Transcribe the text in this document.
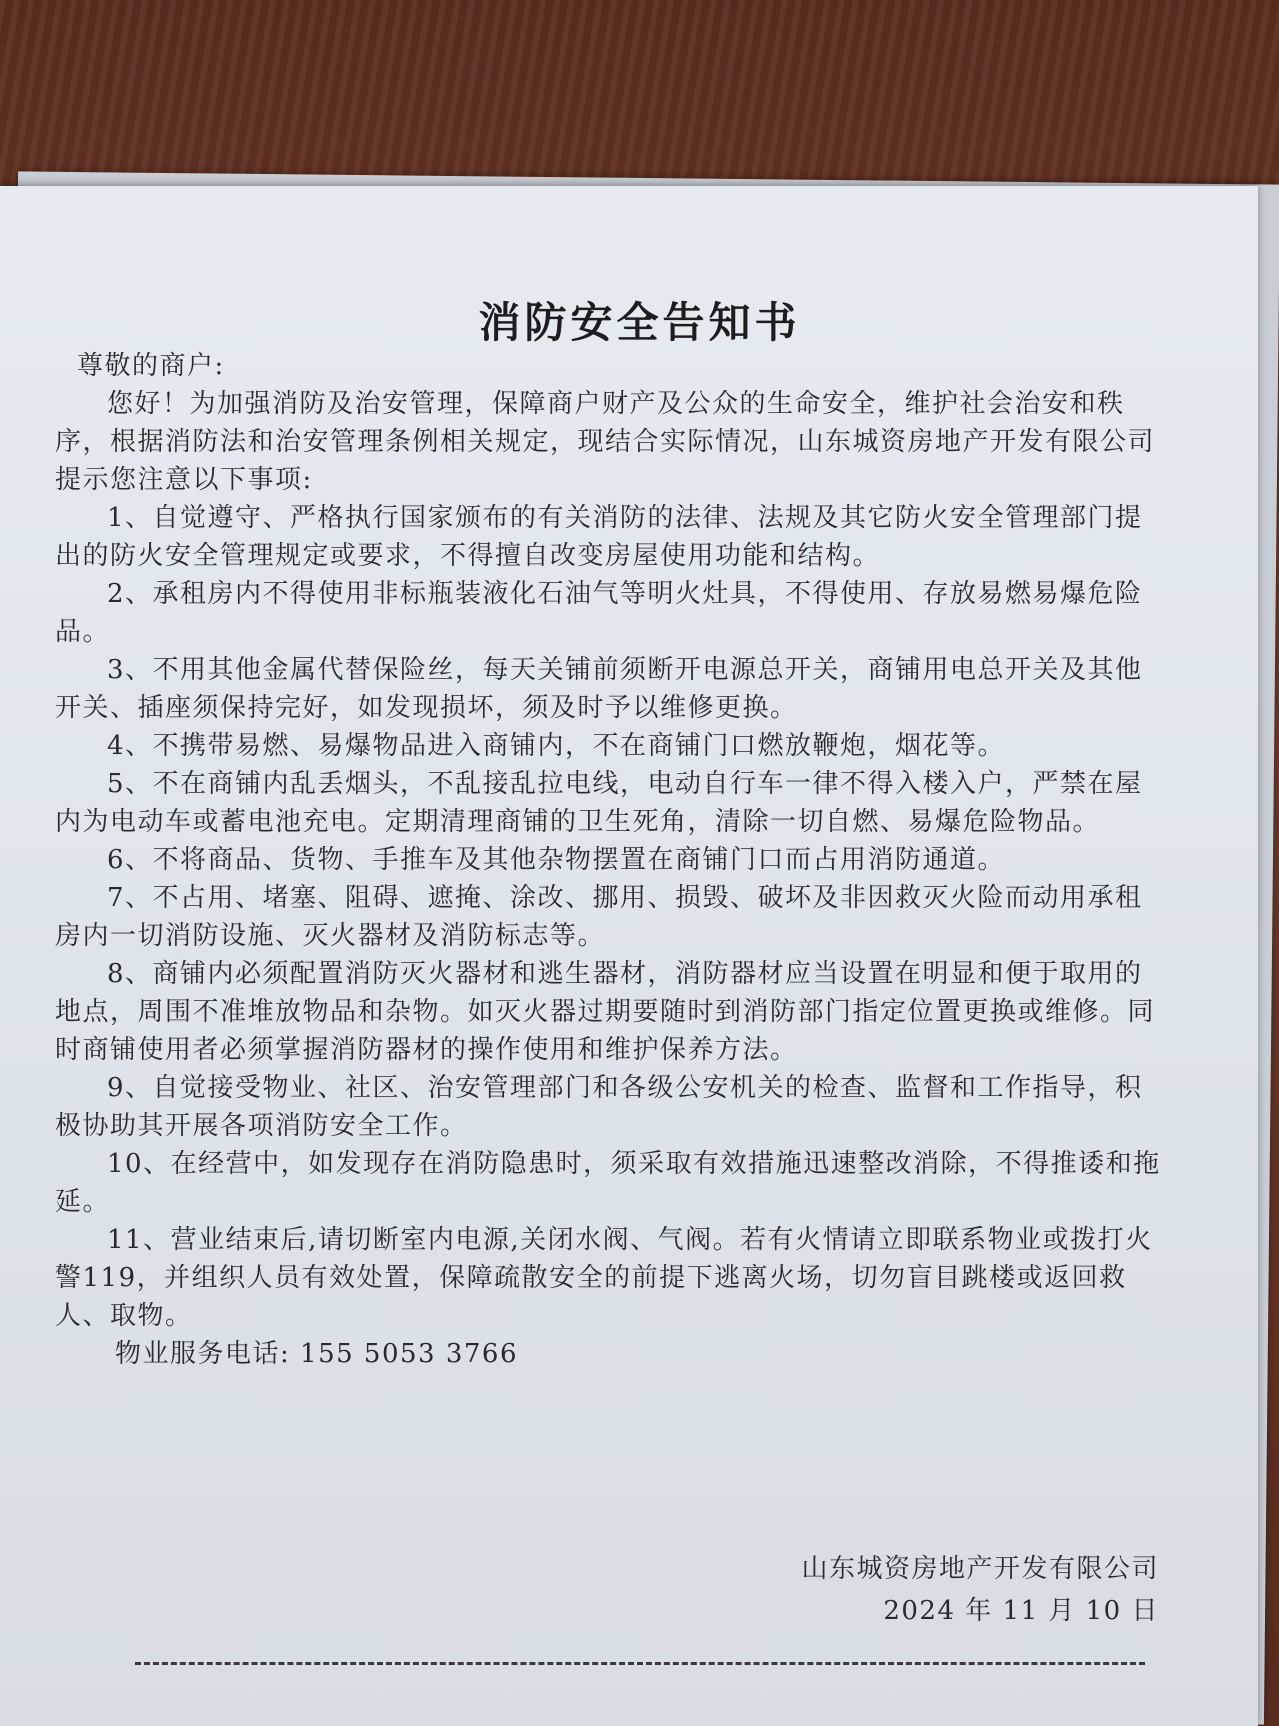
消防安全告知书

尊敬的商户:

您好！为加强消防及治安管理，保障商户财产及公众的生命安全，维护社会治安和秩序，根据消防法和治安管理条例相关规定，现结合实际情况，山东城资房地产开发有限公司提示您注意以下事项:

1、自觉遵守、严格执行国家颁布的有关消防的法律、法规及其它防火安全管理部门提出的防火安全管理规定或要求，不得擅自改变房屋使用功能和结构。

2、承租房内不得使用非标瓶装液化石油气等明火灶具，不得使用、存放易燃易爆危险品。

3、不用其他金属代替保险丝，每天关铺前须断开电源总开关，商铺用电总开关及其他开关、插座须保持完好，如发现损坏，须及时予以维修更换。

4、不携带易燃、易爆物品进入商铺内，不在商铺门口燃放鞭炮，烟花等。

5、不在商铺内乱丢烟头，不乱接乱拉电线，电动自行车一律不得入楼入户，严禁在屋内为电动车或蓄电池充电。定期清理商铺的卫生死角，清除一切自燃、易爆危险物品。

6、不将商品、货物、手推车及其他杂物摆置在商铺门口而占用消防通道。

7、不占用、堵塞、阻碍、遮掩、涂改、挪用、损毁、破坏及非因救灭火险而动用承租房内一切消防设施、灭火器材及消防标志等。

8、商铺内必须配置消防灭火器材和逃生器材，消防器材应当设置在明显和便于取用的地点，周围不准堆放物品和杂物。如灭火器过期要随时到消防部门指定位置更换或维修。同时商铺使用者必须掌握消防器材的操作使用和维护保养方法。

9、自觉接受物业、社区、治安管理部门和各级公安机关的检查、监督和工作指导，积极协助其开展各项消防安全工作。

10、在经营中，如发现存在消防隐患时，须采取有效措施迅速整改消除，不得推诿和拖延。

11、营业结束后,请切断室内电源,关闭水阀、气阀。若有火情请立即联系物业或拨打火警119，并组织人员有效处置，保障疏散安全的前提下逃离火场，切勿盲目跳楼或返回救人、取物。

物业服务电话: 155 5053 3766

山东城资房地产开发有限公司
2024 年 11 月 10 日
